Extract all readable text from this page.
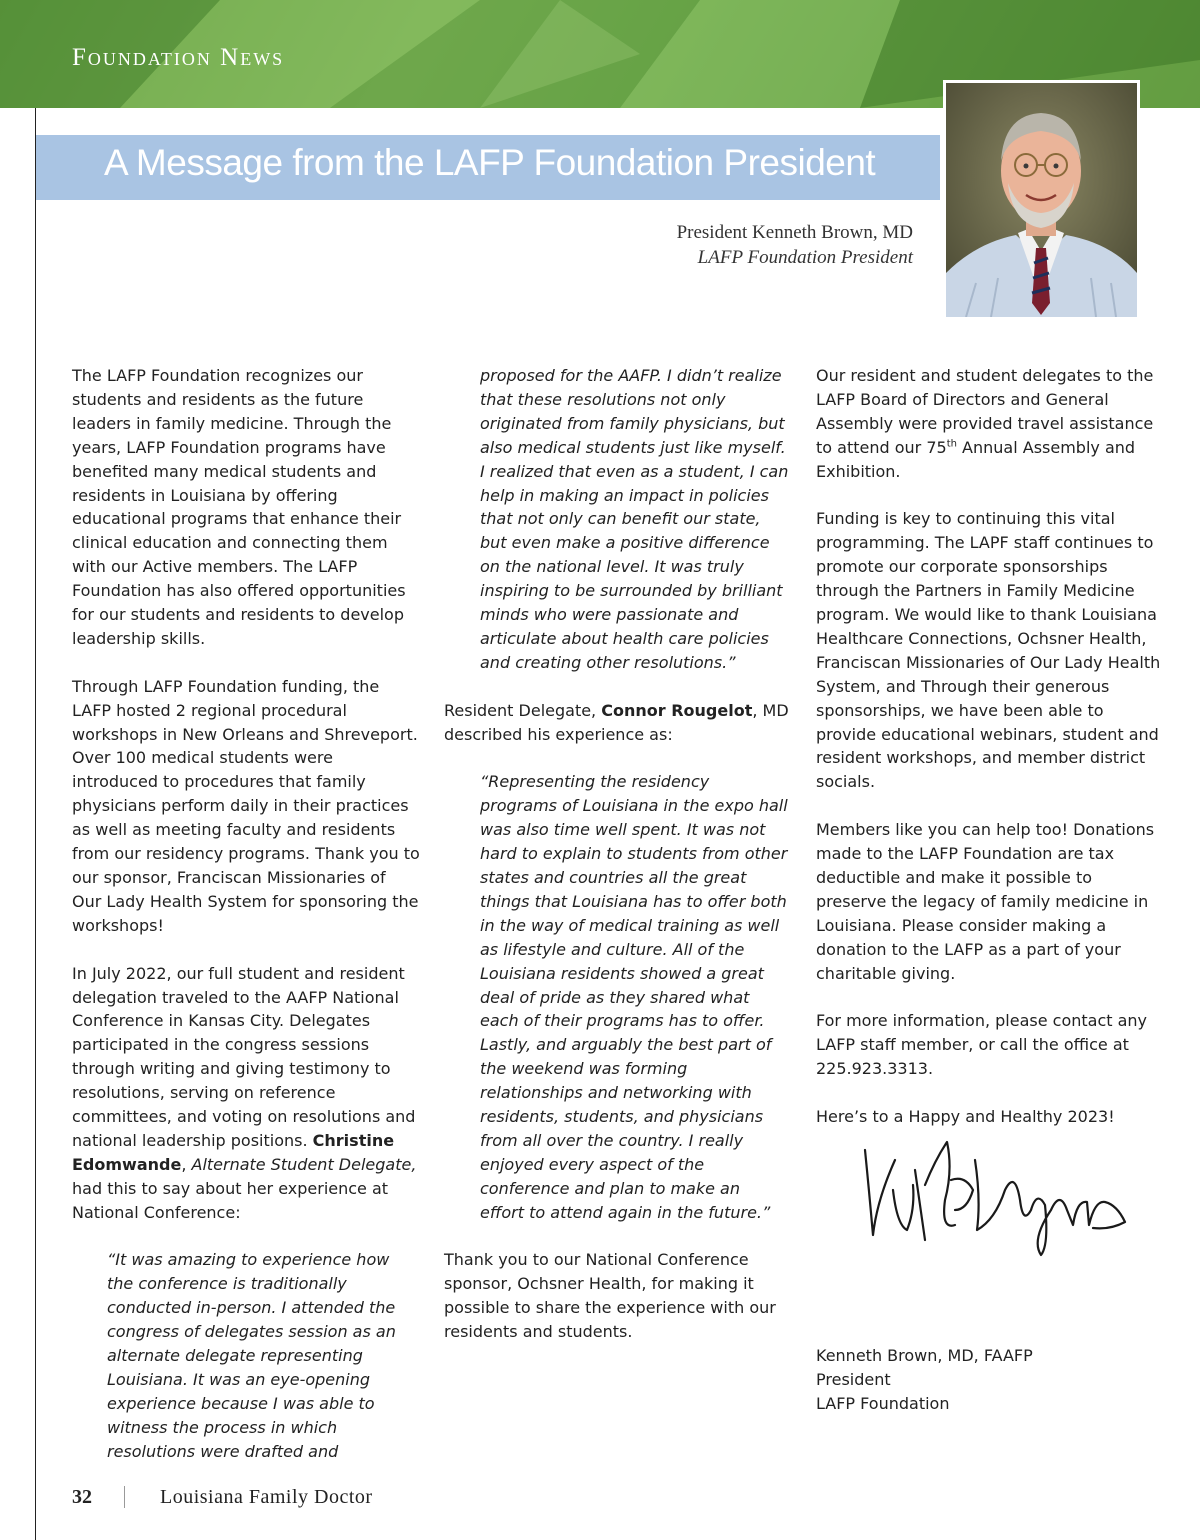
Foundation News
A Message from the LAFP Foundation President
President Kenneth Brown, MD
LAFP Foundation President

The LAFP Foundation recognizes our students and residents as the future leaders in family medicine. Through the years, LAFP Foundation programs have benefited many medical students and residents in Louisiana by offering educational programs that enhance their clinical education and connecting them with our Active members. The LAFP Foundation has also offered opportunities for our students and residents to develop leadership skills.

Through LAFP Foundation funding, the LAFP hosted 2 regional procedural workshops in New Orleans and Shreveport. Over 100 medical students were introduced to procedures that family physicians perform daily in their practices as well as meeting faculty and residents from our residency programs. Thank you to our sponsor, Franciscan Missionaries of Our Lady Health System for sponsoring the workshops!

In July 2022, our full student and resident delegation traveled to the AAFP National Conference in Kansas City. Delegates participated in the congress sessions through writing and giving testimony to resolutions, serving on reference committees, and voting on resolutions and national leadership positions. Christine Edomwande, Alternate Student Delegate, had this to say about her experience at National Conference:

“It was amazing to experience how the conference is traditionally conducted in-person. I attended the congress of delegates session as an alternate delegate representing Louisiana. It was an eye-opening experience because I was able to witness the process in which resolutions were drafted and

proposed for the AAFP. I didn’t realize that these resolutions not only originated from family physicians, but also medical students just like myself. I realized that even as a student, I can help in making an impact in policies that not only can benefit our state, but even make a positive difference on the national level. It was truly inspiring to be surrounded by brilliant minds who were passionate and articulate about health care policies and creating other resolutions.”

Resident Delegate, Connor Rougelot, MD described his experience as:

“Representing the residency programs of Louisiana in the expo hall was also time well spent. It was not hard to explain to students from other states and countries all the great things that Louisiana has to offer both in the way of medical training as well as lifestyle and culture. All of the Louisiana residents showed a great deal of pride as they shared what each of their programs has to offer. Lastly, and arguably the best part of the weekend was forming relationships and networking with residents, students, and physicians from all over the country. I really enjoyed every aspect of the conference and plan to make an effort to attend again in the future.”

Thank you to our National Conference sponsor, Ochsner Health, for making it possible to share the experience with our residents and students.

Our resident and student delegates to the LAFP Board of Directors and General Assembly were provided travel assistance to attend our 75th Annual Assembly and Exhibition.

Funding is key to continuing this vital programming. The LAPF staff continues to promote our corporate sponsorships through the Partners in Family Medicine program. We would like to thank Louisiana Healthcare Connections, Ochsner Health, Franciscan Missionaries of Our Lady Health System, and Through their generous sponsorships, we have been able to provide educational webinars, student and resident workshops, and member district socials.

Members like you can help too! Donations made to the LAFP Foundation are tax deductible and make it possible to preserve the legacy of family medicine in Louisiana. Please consider making a donation to the LAFP as a part of your charitable giving.

For more information, please contact any LAFP staff member, or call the office at 225.923.3313.

Here’s to a Happy and Healthy 2023!

Kenneth Brown, MD, FAAFP
President
LAFP Foundation
32	Louisiana Family Doctor
